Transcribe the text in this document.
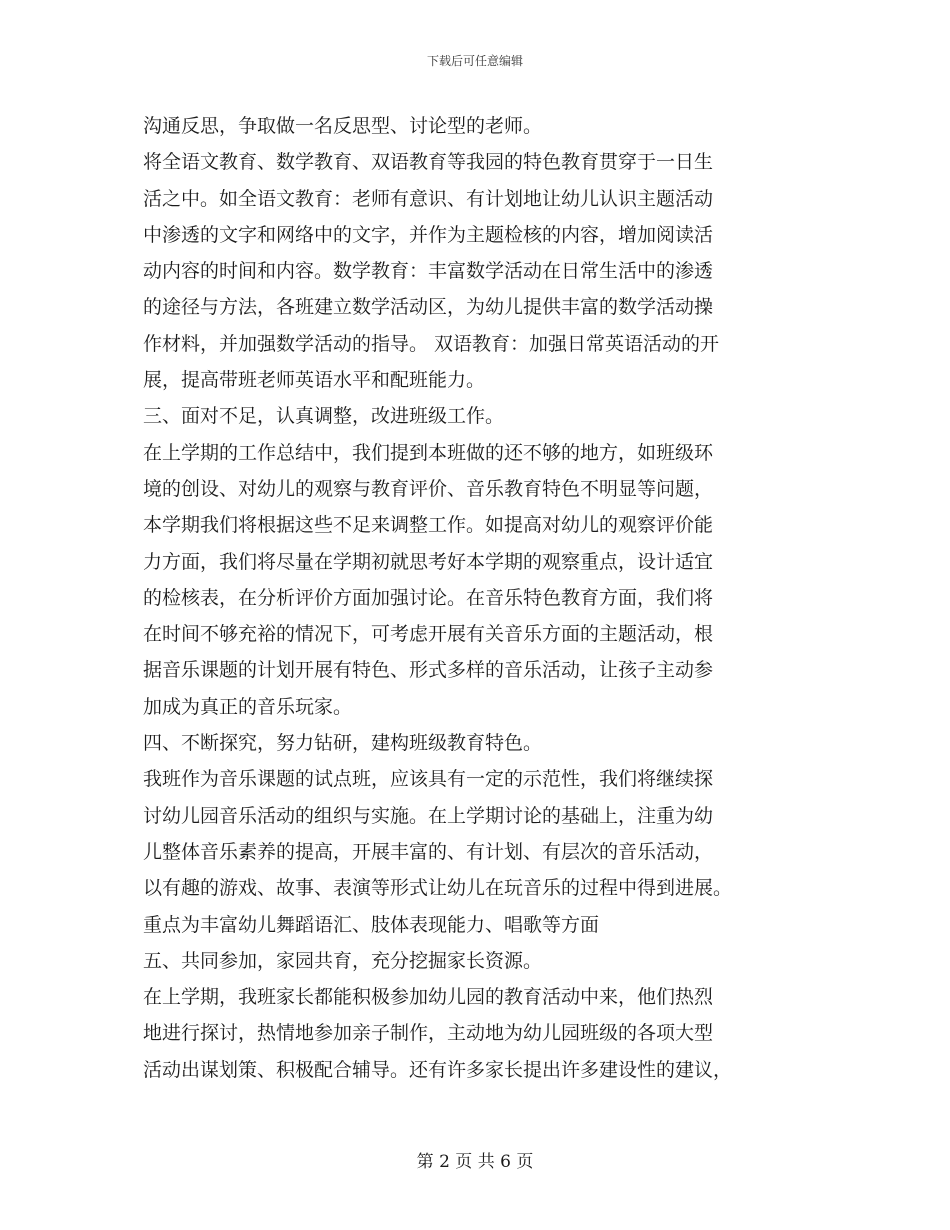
下载后可任意编辑
沟通反思，争取做一名反思型、讨论型的老师。
将全语文教育、数学教育、双语教育等我园的特色教育贯穿于一日生
活之中。如全语文教育：老师有意识、有计划地让幼儿认识主题活动
中渗透的文字和网络中的文字，并作为主题检核的内容，增加阅读活
动内容的时间和内容。数学教育：丰富数学活动在日常生活中的渗透
的途径与方法，各班建立数学活动区，为幼儿提供丰富的数学活动操
作材料，并加强数学活动的指导。 双语教育：加强日常英语活动的开
展，提高带班老师英语水平和配班能力。
三、面对不足，认真调整，改进班级工作。
在上学期的工作总结中，我们提到本班做的还不够的地方，如班级环
境的创设、对幼儿的观察与教育评价、音乐教育特色不明显等问题，
本学期我们将根据这些不足来调整工作。如提高对幼儿的观察评价能
力方面，我们将尽量在学期初就思考好本学期的观察重点，设计适宜
的检核表，在分析评价方面加强讨论。在音乐特色教育方面，我们将
在时间不够充裕的情况下，可考虑开展有关音乐方面的主题活动，根
据音乐课题的计划开展有特色、形式多样的音乐活动，让孩子主动参
加成为真正的音乐玩家。
四、不断探究，努力钻研，建构班级教育特色。
我班作为音乐课题的试点班，应该具有一定的示范性，我们将继续探
讨幼儿园音乐活动的组织与实施。在上学期讨论的基础上，注重为幼
儿整体音乐素养的提高，开展丰富的、有计划、有层次的音乐活动，
以有趣的游戏、故事、表演等形式让幼儿在玩音乐的过程中得到进展。
重点为丰富幼儿舞蹈语汇、肢体表现能力、唱歌等方面
五、共同参加，家园共育，充分挖掘家长资源。
在上学期，我班家长都能积极参加幼儿园的教育活动中来，他们热烈
地进行探讨，热情地参加亲子制作，主动地为幼儿园班级的各项大型
活动出谋划策、积极配合辅导。还有许多家长提出许多建设性的建议，
第 2 页 共 6 页
